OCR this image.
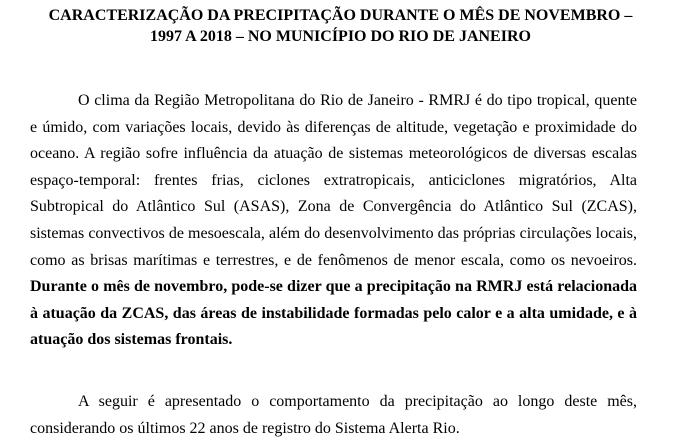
CARACTERIZAÇÃO DA PRECIPITAÇÃO DURANTE O MÊS DE NOVEMBRO –
1997 A 2018 – NO MUNICÍPIO DO RIO DE JANEIRO

O clima da Região Metropolitana do Rio de Janeiro - RMRJ é do tipo tropical, quente e úmido, com variações locais, devido às diferenças de altitude, vegetação e proximidade do oceano. A região sofre influência da atuação de sistemas meteorológicos de diversas escalas espaço-temporal: frentes frias, ciclones extratropicais, anticiclones migratórios, Alta Subtropical do Atlântico Sul (ASAS), Zona de Convergência do Atlântico Sul (ZCAS), sistemas convectivos de mesoescala, além do desenvolvimento das próprias circulações locais, como as brisas marítimas e terrestres, e de fenômenos de menor escala, como os nevoeiros. Durante o mês de novembro, pode-se dizer que a precipitação na RMRJ está relacionada à atuação da ZCAS, das áreas de instabilidade formadas pelo calor e a alta umidade, e à atuação dos sistemas frontais.

A seguir é apresentado o comportamento da precipitação ao longo deste mês, considerando os últimos 22 anos de registro do Sistema Alerta Rio.
